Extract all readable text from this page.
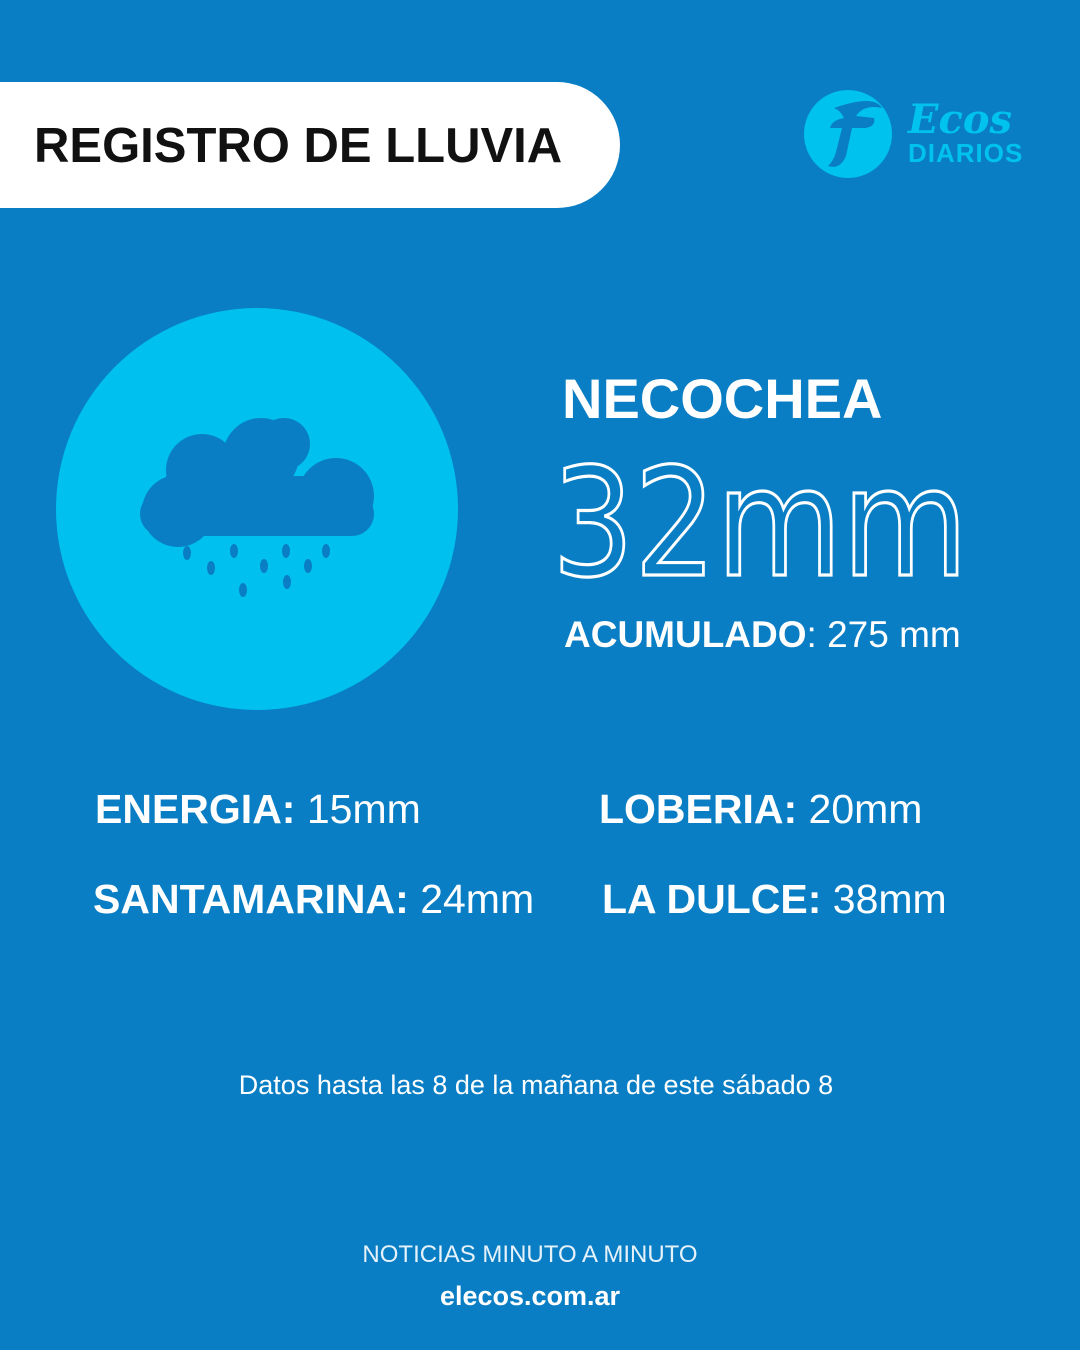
REGISTRO DE LLUVIA	Ecos
DIARIOS
NECOCHEA
32mm
ACUMULADO: 275 mm
ENERGIA: 15mm	LOBERIA: 20mm
SANTAMARINA: 24mm LA DULCE: 38mm
Datos hasta las 8 de la mañana de este sábado 8
NOTICIAS MINUTO A MINUTO
elecos.com.ar
